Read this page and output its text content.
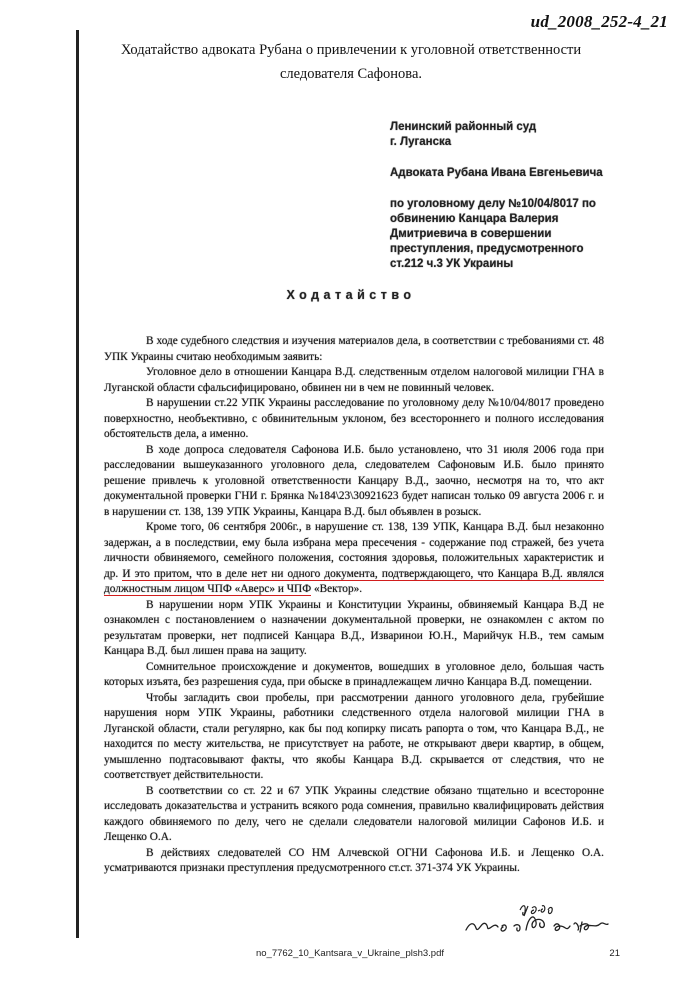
ud_2008_252-4_21
Ходатайство адвоката Рубана о привлечении к уголовной ответственности
следователя Сафонова.
Ленинский районный суд
г. Луганска
Адвоката Рубана Ивана Евгеньевича
по уголовному делу №10/04/8017 по
обвинению Канцара Валерия
Дмитриевича в совершении
преступления, предусмотренного
ст.212 ч.3 УК Украины
Ходатайство

В ходе судебного следствия и изучения материалов дела, в соответствии с требованиями ст. 48 УПК Украины считаю необходимым заявить:

Уголовное дело в отношении Канцара В.Д. следственным отделом налоговой милиции ГНА в Луганской области сфальсифицировано, обвинен ни в чем не повинный человек.

В нарушении ст.22 УПК Украины расследование по уголовному делу №10/04/8017 проведено поверхностно, необъективно, с обвинительным уклоном, без всестороннего и полного исследования обстоятельств дела, а именно.

В ходе допроса следователя Сафонова И.Б. было установлено, что 31 июля 2006 года при расследовании вышеуказанного уголовного дела, следователем Сафоновым И.Б. было принято решение привлечь к уголовной ответственности Канцару В.Д., заочно, несмотря на то, что акт документальной проверки ГНИ г. Брянка №184\23\30921623 будет написан только 09 августа 2006 г. и в нарушении ст. 138, 139 УПК Украины, Канцара В.Д. был объявлен в розыск.

Кроме того, 06 сентября 2006г., в нарушение ст. 138, 139 УПК, Канцара В.Д. был незаконно задержан, а в последствии, ему была избрана мера пресечения - содержание под стражей, без учета личности обвиняемого, семейного положения, состояния здоровья, положительных характеристик и др. И это притом, что в деле нет ни одного документа, подтверждающего, что Канцара В.Д. являлся должностным лицом ЧПФ «Аверс» и ЧПФ «Вектор».

В нарушении норм УПК Украины и Конституции Украины, обвиняемый Канцара В.Д не ознакомлен с постановлением о назначении документальной проверки, не ознакомлен с актом по результатам проверки, нет подписей Канцара В.Д., Изваринои Ю.Н., Марийчук Н.В., тем самым Канцара В.Д. был лишен права на защиту.

Сомнительное происхождение и документов, вошедших в уголовное дело, большая часть которых изъята, без разрешения суда, при обыске в принадлежащем лично Канцара В.Д. помещении.

Чтобы загладить свои пробелы, при рассмотрении данного уголовного дела, грубейшие нарушения норм УПК Украины, работники следственного отдела налоговой милиции ГНА в Луганской области, стали регулярно, как бы под копирку писать рапорта о том, что Канцара В.Д., не находится по месту жительства, не присутствует на работе, не открывают двери квартир, в общем, умышленно подтасовывают факты, что якобы Канцара В.Д. скрывается от следствия, что не соответствует действительности.

В соответствии со ст. 22 и 67 УПК Украины следствие обязано тщательно и всесторонне исследовать доказательства и устранить всякого рода сомнения, правильно квалифицировать действия каждого обвиняемого по делу, чего не сделали следователи налоговой милиции Сафонов И.Б. и Лещенко О.А.

В действиях следователей СО НМ Алчевской ОГНИ Сафонова И.Б. и Лещенко О.А. усматриваются признаки преступления предусмотренного ст.ст. 371-374 УК Украины.

no_7762_10_Kantsara_v_Ukraine_plsh3.pdf	21
